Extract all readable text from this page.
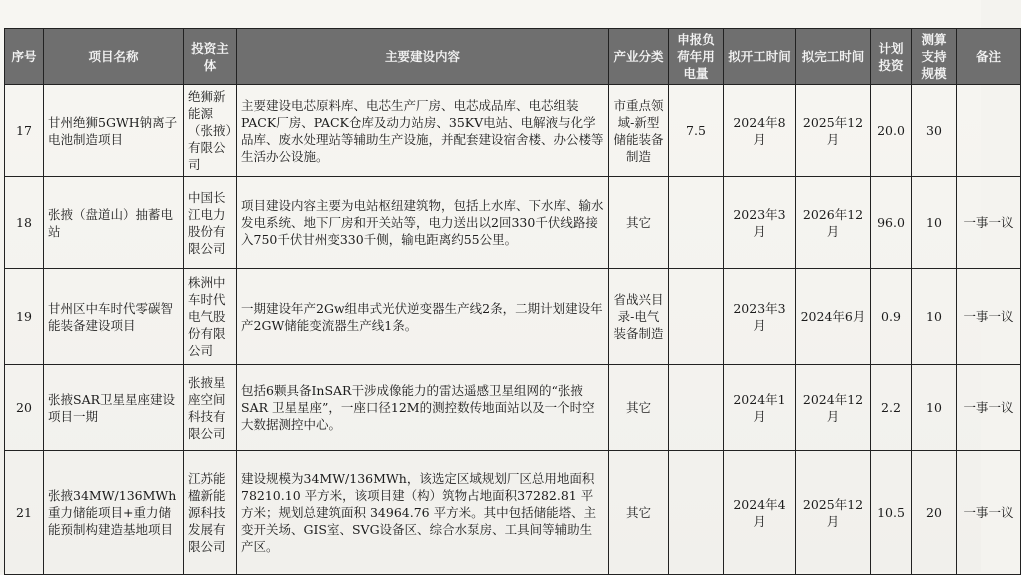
序号	项目名称	投资主体	主要建设内容	产业分类	申报负荷年用电量	拟开工时间	拟完工时间	计划投资	测算支持规模	备注
17	甘州绝狮5GWH钠离子电池制造项目	绝狮新能源（张掖）有限公司	主要建设电芯原料库、电芯生产厂房、电芯成品库、电芯组装PACK厂房、PACK仓库及动力站房、35KV电站、电解液与化学品库、废水处理站等辅助生产设施，并配套建设宿舍楼、办公楼等生活办公设施。	市重点领域-新型储能装备制造	7.5	2024年8月	2025年12月	20.0	30	
18	张掖（盘道山）抽蓄电站	中国长江电力股份有限公司	项目建设内容主要为电站枢纽建筑物，包括上水库、下水库、输水发电系统、地下厂房和开关站等，电力送出以2回330千伏线路接入750千伏甘州变330千侧，输电距离约55公里。	其它		2023年3月	2026年12月	96.0	10	一事一议
19	甘州区中车时代零碳智能装备建设项目	株洲中车时代电气股份有限公司	一期建设年产2Gw组串式光伏逆变器生产线2条，二期计划建设年产2GW储能变流器生产线1条。	省战兴目录-电气装备制造		2023年3月	2024年6月	0.9	10	一事一议
20	张掖SAR卫星星座建设项目一期	张掖星座空间科技有限公司	包括6颗具备InSAR干涉成像能力的雷达遥感卫星组网的“张掖 SAR 卫星星座”，一座口径12M的测控数传地面站以及一个时空大数据测控中心。	其它		2024年1月	2024年12月	2.2	10	一事一议
21	张掖34MW/136MWh 重力储能项目+重力储能预制构建造基地项目	江苏能楹新能源科技发展有限公司	建设规模为34MW/136MWh，该选定区域规划厂区总用地面积78210.10 平方米，该项目建（构）筑物占地面积37282.81 平方米；规划总建筑面积 34964.76 平方米。其中包括储能塔、主变开关场、GIS室、SVG设备区、综合水泵房、工具间等辅助生产区。	其它		2024年4月	2025年12月	10.5	20	一事一议
